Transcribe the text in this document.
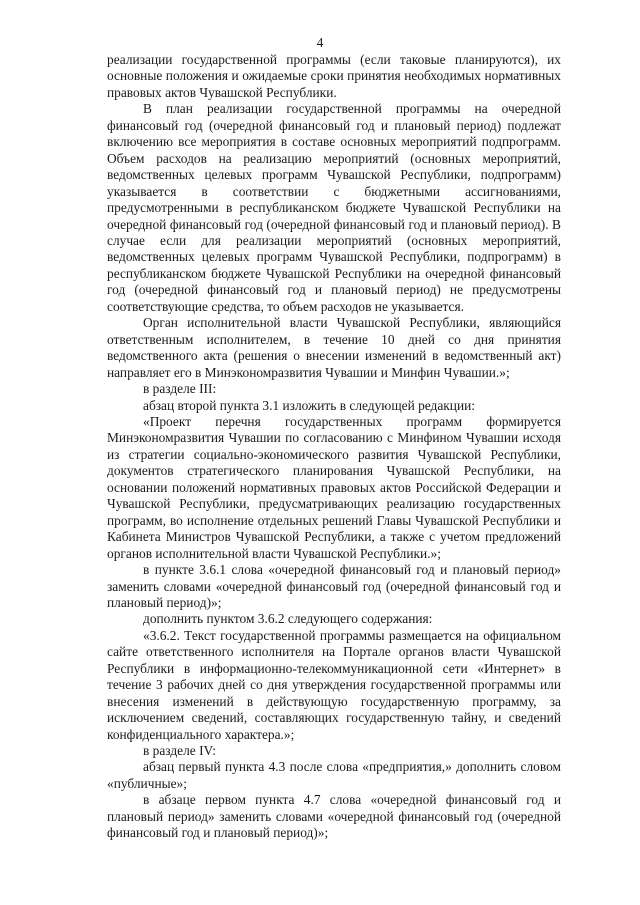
4

реализации государственной программы (если таковые планируются), их основные положения и ожидаемые сроки принятия необходимых нормативных правовых актов Чувашской Республики.

В план реализации государственной программы на очередной финансовый год (очередной финансовый год и плановый период) подлежат включению все мероприятия в составе основных мероприятий подпрограмм. Объем расходов на реализацию мероприятий (основных мероприятий, ведомственных целевых программ Чувашской Республики, подпрограмм) указывается в соответствии с бюджетными ассигнованиями, предусмотренными в республиканском бюджете Чувашской Республики на очередной финансовый год (очередной финансовый год и плановый период). В случае если для реализации мероприятий (основных мероприятий, ведомственных целевых программ Чувашской Республики, подпрограмм) в республиканском бюджете Чувашской Республики на очередной финансовый год (очередной финансовый год и плановый период) не предусмотрены соответствующие средства, то объем расходов не указывается.

Орган исполнительной власти Чувашской Республики, являющийся ответственным исполнителем, в течение 10 дней со дня принятия ведомственного акта (решения о внесении изменений в ведомственный акт) направляет его в Минэкономразвития Чувашии и Минфин Чувашии.»;

в разделе III:

абзац второй пункта 3.1 изложить в следующей редакции:

«Проект перечня государственных программ формируется Минэкономразвития Чувашии по согласованию с Минфином Чувашии исходя из стратегии социально-экономического развития Чувашской Республики, документов стратегического планирования Чувашской Республики, на основании положений нормативных правовых актов Российской Федерации и Чувашской Республики, предусматривающих реализацию государственных программ, во исполнение отдельных решений Главы Чувашской Республики и Кабинета Министров Чувашской Республики, а также с учетом предложений органов исполнительной власти Чувашской Республики.»;

в пункте 3.6.1 слова «очередной финансовый год и плановый период» заменить словами «очередной финансовый год (очередной финансовый год и плановый период)»;

дополнить пунктом 3.6.2 следующего содержания:

«3.6.2. Текст государственной программы размещается на официальном сайте ответственного исполнителя на Портале органов власти Чувашской Республики в информационно-телекоммуникационной сети «Интернет» в течение 3 рабочих дней со дня утверждения государственной программы или внесения изменений в действующую государственную программу, за исключением сведений, составляющих государственную тайну, и сведений конфиденциального характера.»;

в разделе IV:

абзац первый пункта 4.3 после слова «предприятия,» дополнить словом «публичные»;

в абзаце первом пункта 4.7 слова «очередной финансовый год и плановый период» заменить словами «очередной финансовый год (очередной финансовый год и плановый период)»;
